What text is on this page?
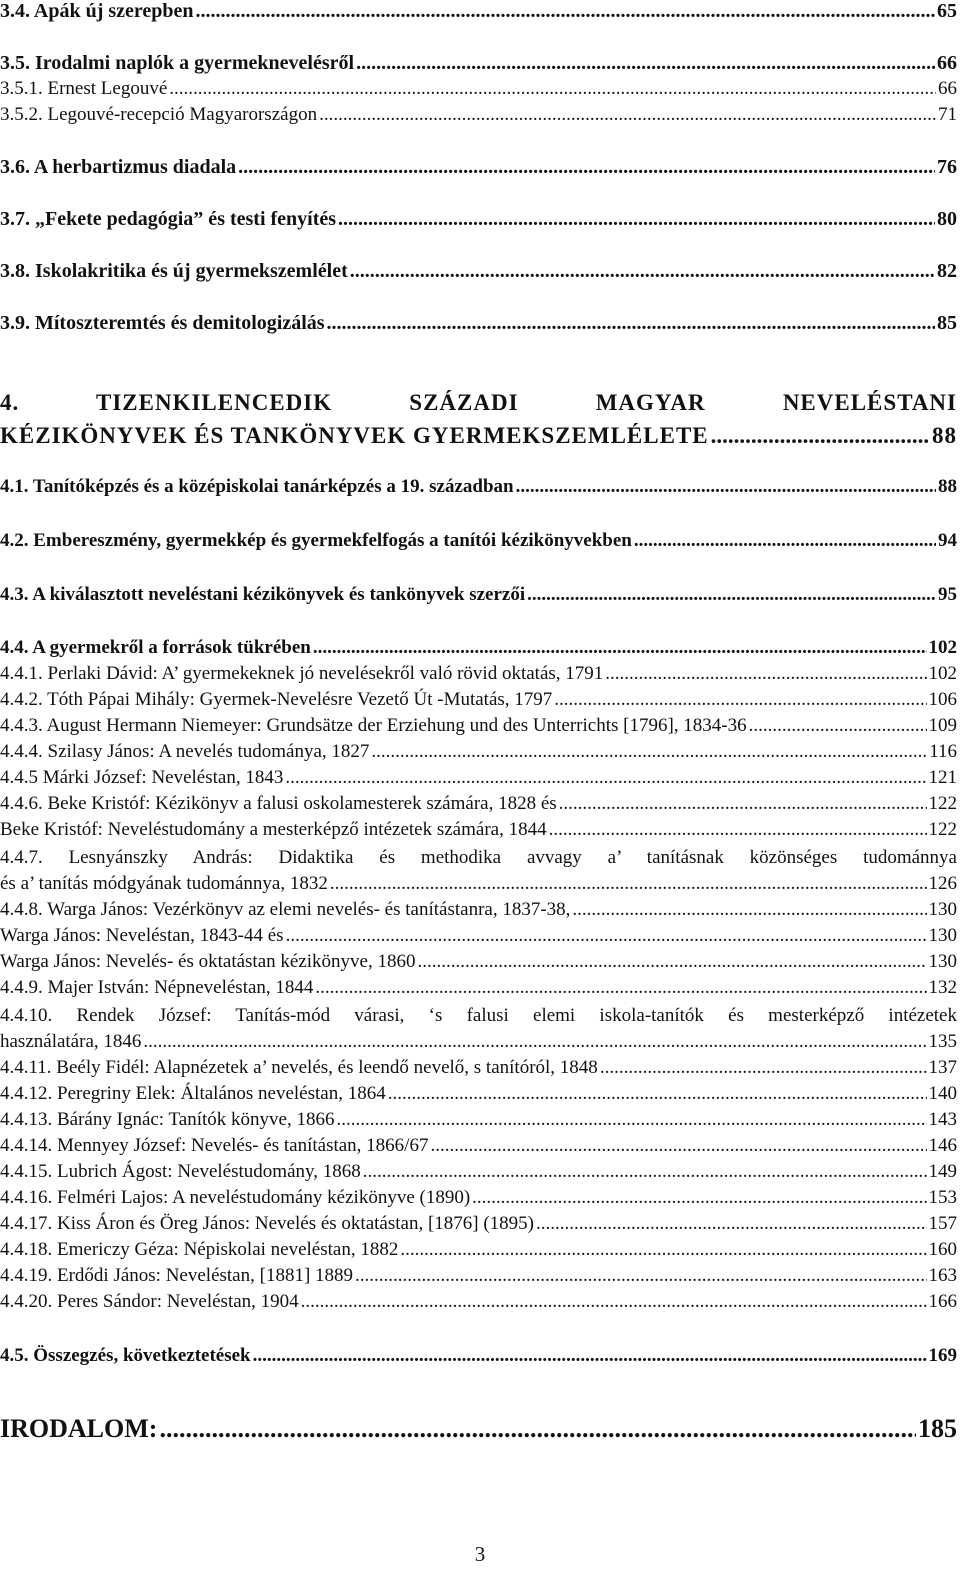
3.4. Apák új szerepben .....	65
3.5. Irodalmi naplók a gyermeknevelésről .....	66
3.5.1. Ernest Legouvé .....	66
3.5.2. Legouvé-recepció Magyarországon .....	71
3.6. A herbartizmus diadala .....	76
3.7. „Fekete pedagógia” és testi fenyítés .....	80
3.8. Iskolakritika és új gyermekszemlélet .....	82
3.9. Mítoszteremtés és demitologizálás .....	85
4. TIZENKILENCEDIK SZÁZADI MAGYAR NEVELÉSTANI
KÉZIKÖNYVEK ÉS TANKÖNYVEK GYERMEKSZEMLÉLETE .....	88
4.1. Tanítóképzés és a középiskolai tanárképzés a 19. században .....	88
4.2. Embereszmény, gyermekkép és gyermekfelfogás a tanítói kézikönyvekben .....	94
4.3. A kiválasztott neveléstani kézikönyvek és tankönyvek szerzői .....	95
4.4. A gyermekről a források tükrében .....	102
4.4.1. Perlaki Dávid: A’ gyermekeknek jó nevelésekről való rövid oktatás, 1791 .....	102
4.4.2. Tóth Pápai Mihály: Gyermek-Nevelésre Vezető Út -Mutatás, 1797 .....	106
4.4.3. August Hermann Niemeyer: Grundsätze der Erziehung und des Unterrichts [1796], 1834-36 .....	109
4.4.4. Szilasy János: A nevelés tudománya, 1827 .....	116
4.4.5 Márki József: Neveléstan, 1843 .....	121
4.4.6. Beke Kristóf: Kézikönyv a falusi oskolamesterek számára, 1828 és .....	122
Beke Kristóf: Neveléstudomány a mesterképző intézetek számára, 1844 .....	122
4.4.7. Lesnyánszky András: Didaktika és methodika avvagy a’ tanításnak közönséges tudománnya
és a’ tanítás módgyának tudománnya, 1832 .....	126
4.4.8. Warga János: Vezérkönyv az elemi nevelés- és tanítástanra, 1837-38, .....	130
Warga János: Neveléstan, 1843-44 és .....	130
Warga János: Nevelés- és oktatástan kézikönyve, 1860 .....	130
4.4.9. Majer István: Népneveléstan, 1844 .....	132
4.4.10. Rendek József: Tanítás-mód várasi, ‘s falusi elemi iskola-tanítók és mesterképző intézetek
használatára, 1846 .....	135
4.4.11. Beély Fidél: Alapnézetek a’ nevelés, és leendő nevelő, s tanítóról, 1848 .....	137
4.4.12. Peregriny Elek: Általános neveléstan, 1864 .....	140
4.4.13. Bárány Ignác: Tanítók könyve, 1866 .....	143
4.4.14. Mennyey József: Nevelés- és tanítástan, 1866/67 .....	146
4.4.15. Lubrich Ágost: Neveléstudomány, 1868 .....	149
4.4.16. Felméri Lajos: A neveléstudomány kézikönyve (1890) .....	153
4.4.17. Kiss Áron és Öreg János: Nevelés és oktatástan, [1876] (1895) .....	157
4.4.18. Emericzy Géza: Népiskolai neveléstan, 1882 .....	160
4.4.19. Erdődi János: Neveléstan, [1881] 1889 .....	163
4.4.20. Peres Sándor: Neveléstan, 1904 .....	166
4.5. Összegzés, következtetések .....	169
IRODALOM: .....	185
3
